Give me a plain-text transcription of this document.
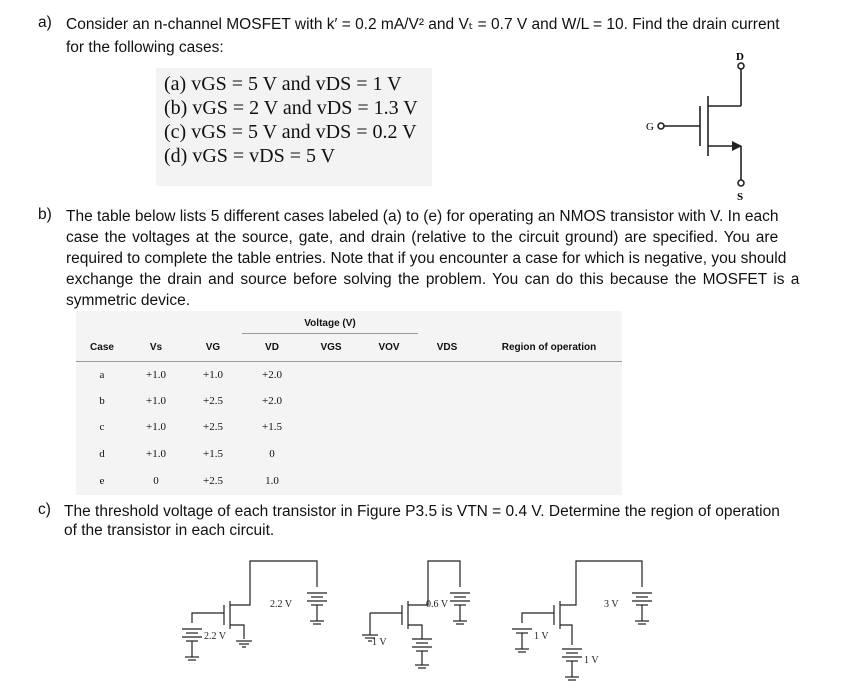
a) Consider an n-channel MOSFET with k′ = 0.2 mA/V² and Vₜ = 0.7 V and W/L = 10. Find the drain current
for the following cases:
(a) vGS = 5 V and vDS = 1 V
(b) vGS = 2 V and vDS = 1.3 V
(c) vGS = 5 V and vDS = 0.2 V
(d) vGS = vDS = 5 V
D
G
S
b) The table below lists 5 different cases labeled (a) to (e) for operating an NMOS transistor with V. In each
case the voltages at the source, gate, and drain (relative to the circuit ground) are specified. You are
required to complete the table entries. Note that if you encounter a case for which is negative, you should
exchange the drain and source before solving the problem. You can do this because the MOSFET is a
symmetric device.
			Voltage (V)				
Case	Vs	VG	VD	VGS	VOV	VDS	Region of operation
a	+1.0	+1.0	+2.0				
b	+1.0	+2.5	+2.0				
c	+1.0	+2.5	+1.5				
d	+1.0	+1.5	0				
e	0	+2.5	1.0				
c) The threshold voltage of each transistor in Figure P3.5 is VTN = 0.4 V. Determine the region of operation
of the transistor in each circuit.
2.2 V
2.2 V
1 V
0.6 V
1 V
3 V
1 V
